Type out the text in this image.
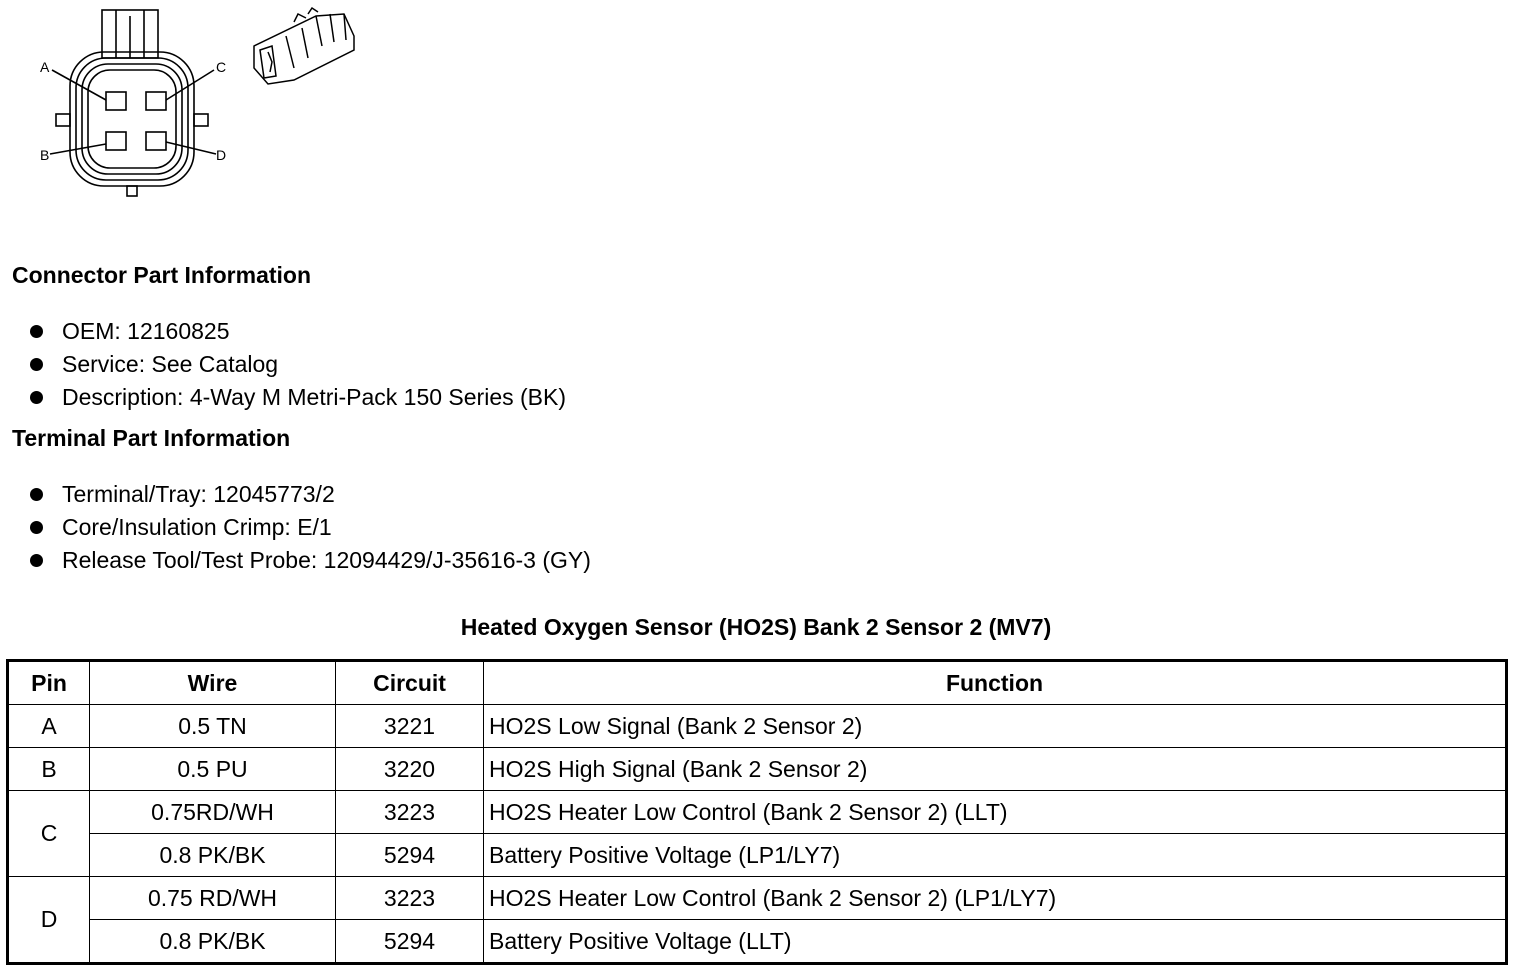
A
B
C
D
Connector Part Information
OEM: 12160825
Service: See Catalog
Description: 4-Way M Metri-Pack 150 Series (BK)
Terminal Part Information
Terminal/Tray: 12045773/2
Core/Insulation Crimp: E/1
Release Tool/Test Probe: 12094429/J-35616-3 (GY)
Heated Oxygen Sensor (HO2S) Bank 2 Sensor 2 (MV7)
Pin	Wire	Circuit	Function
A	0.5 TN	3221	HO2S Low Signal (Bank 2 Sensor 2)
B	0.5 PU	3220	HO2S High Signal (Bank 2 Sensor 2)
C	0.75RD/WH	3223	HO2S Heater Low Control (Bank 2 Sensor 2) (LLT)
	0.8 PK/BK	5294	Battery Positive Voltage (LP1/LY7)
D	0.75 RD/WH	3223	HO2S Heater Low Control (Bank 2 Sensor 2) (LP1/LY7)
	0.8 PK/BK	5294	Battery Positive Voltage (LLT)
